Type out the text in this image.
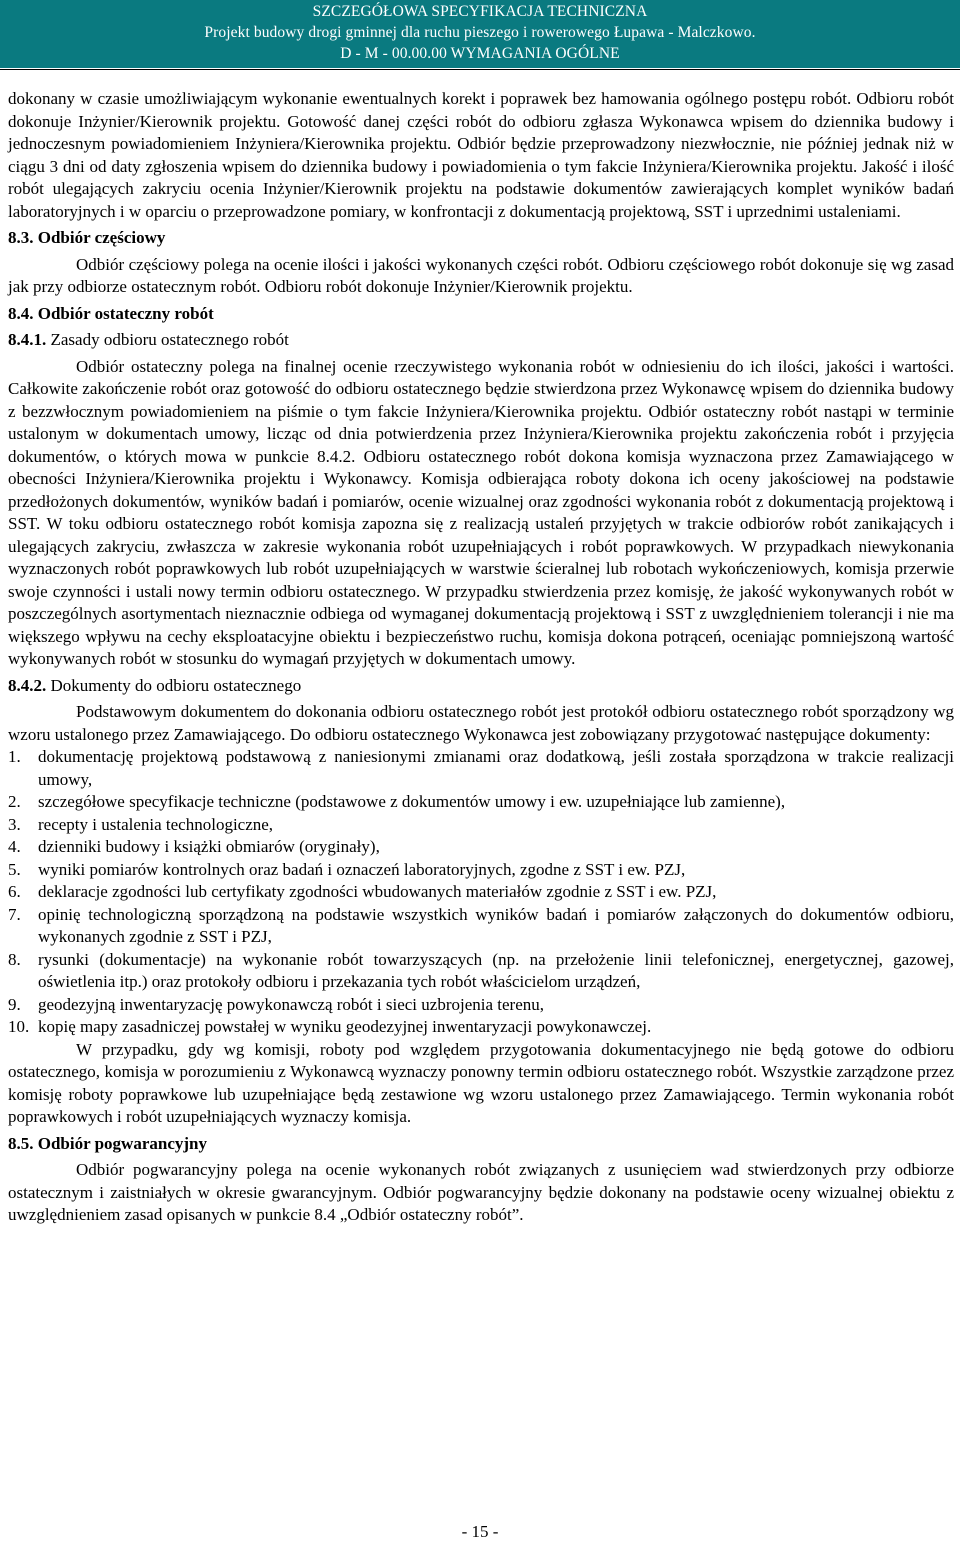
SZCZEGÓŁOWA SPECYFIKACJA TECHNICZNA
Projekt budowy drogi gminnej dla ruchu pieszego i rowerowego Łupawa - Malczkowo.
D - M - 00.00.00 WYMAGANIA OGÓLNE

dokonany w czasie umożliwiającym wykonanie ewentualnych korekt i poprawek bez hamowania ogólnego postępu robót. Odbioru robót dokonuje Inżynier/Kierownik projektu. Gotowość danej części robót do odbioru zgłasza Wykonawca wpisem do dziennika budowy i jednoczesnym powiadomieniem Inżyniera/Kierownika projektu. Odbiór będzie przeprowadzony niezwłocznie, nie później jednak niż w ciągu 3 dni od daty zgłoszenia wpisem do dziennika budowy i powiadomienia o tym fakcie Inżyniera/Kierownika projektu. Jakość i ilość robót ulegających zakryciu ocenia Inżynier/Kierownik projektu na podstawie dokumentów zawierających komplet wyników badań laboratoryjnych i w oparciu o przeprowadzone pomiary, w konfrontacji z dokumentacją projektową, SST i uprzednimi ustaleniami.

8.3. Odbiór częściowy

Odbiór częściowy polega na ocenie ilości i jakości wykonanych części robót. Odbioru częściowego robót dokonuje się wg zasad jak przy odbiorze ostatecznym robót. Odbioru robót dokonuje Inżynier/Kierownik projektu.

8.4. Odbiór ostateczny robót

8.4.1. Zasady odbioru ostatecznego robót

Odbiór ostateczny polega na finalnej ocenie rzeczywistego wykonania robót w odniesieniu do ich ilości, jakości i wartości. Całkowite zakończenie robót oraz gotowość do odbioru ostatecznego będzie stwierdzona przez Wykonawcę wpisem do dziennika budowy z bezzwłocznym powiadomieniem na piśmie o tym fakcie Inżyniera/Kierownika projektu. Odbiór ostateczny robót nastąpi w terminie ustalonym w dokumentach umowy, licząc od dnia potwierdzenia przez Inżyniera/Kierownika projektu zakończenia robót i przyjęcia dokumentów, o których mowa w punkcie 8.4.2. Odbioru ostatecznego robót dokona komisja wyznaczona przez Zamawiającego w obecności Inżyniera/Kierownika projektu i Wykonawcy. Komisja odbierająca roboty dokona ich oceny jakościowej na podstawie przedłożonych dokumentów, wyników badań i pomiarów, ocenie wizualnej oraz zgodności wykonania robót z dokumentacją projektową i SST. W toku odbioru ostatecznego robót komisja zapozna się z realizacją ustaleń przyjętych w trakcie odbiorów robót zanikających i ulegających zakryciu, zwłaszcza w zakresie wykonania robót uzupełniających i robót poprawkowych. W przypadkach niewykonania wyznaczonych robót poprawkowych lub robót uzupełniających w warstwie ścieralnej lub robotach wykończeniowych, komisja przerwie swoje czynności i ustali nowy termin odbioru ostatecznego. W przypadku stwierdzenia przez komisję, że jakość wykonywanych robót w poszczególnych asortymentach nieznacznie odbiega od wymaganej dokumentacją projektową i SST z uwzględnieniem tolerancji i nie ma większego wpływu na cechy eksploatacyjne obiektu i bezpieczeństwo ruchu, komisja dokona potrąceń, oceniając pomniejszoną wartość wykonywanych robót w stosunku do wymagań przyjętych w dokumentach umowy.

8.4.2. Dokumenty do odbioru ostatecznego

Podstawowym dokumentem do dokonania odbioru ostatecznego robót jest protokół odbioru ostatecznego robót sporządzony wg wzoru ustalonego przez Zamawiającego. Do odbioru ostatecznego Wykonawca jest zobowiązany przygotować następujące dokumenty:

1. dokumentację projektową podstawową z naniesionymi zmianami oraz dodatkową, jeśli została sporządzona w trakcie realizacji umowy,
2. szczegółowe specyfikacje techniczne (podstawowe z dokumentów umowy i ew. uzupełniające lub zamienne),
3. recepty i ustalenia technologiczne,
4. dzienniki budowy i książki obmiarów (oryginały),
5. wyniki pomiarów kontrolnych oraz badań i oznaczeń laboratoryjnych, zgodne z SST i ew. PZJ,
6. deklaracje zgodności lub certyfikaty zgodności wbudowanych materiałów zgodnie z SST i ew. PZJ,
7. opinię technologiczną sporządzoną na podstawie wszystkich wyników badań i pomiarów załączonych do dokumentów odbioru, wykonanych zgodnie z SST i PZJ,
8. rysunki (dokumentacje) na wykonanie robót towarzyszących (np. na przełożenie linii telefonicznej, energetycznej, gazowej, oświetlenia itp.) oraz protokoły odbioru i przekazania tych robót właścicielom urządzeń,
9. geodezyjną inwentaryzację powykonawczą robót i sieci uzbrojenia terenu,
10. kopię mapy zasadniczej powstałej w wyniku geodezyjnej inwentaryzacji powykonawczej.

W przypadku, gdy wg komisji, roboty pod względem przygotowania dokumentacyjnego nie będą gotowe do odbioru ostatecznego, komisja w porozumieniu z Wykonawcą wyznaczy ponowny termin odbioru ostatecznego robót. Wszystkie zarządzone przez komisję roboty poprawkowe lub uzupełniające będą zestawione wg wzoru ustalonego przez Zamawiającego. Termin wykonania robót poprawkowych i robót uzupełniających wyznaczy komisja.

8.5. Odbiór pogwarancyjny

Odbiór pogwarancyjny polega na ocenie wykonanych robót związanych z usunięciem wad stwierdzonych przy odbiorze ostatecznym i zaistniałych w okresie gwarancyjnym. Odbiór pogwarancyjny będzie dokonany na podstawie oceny wizualnej obiektu z uwzględnieniem zasad opisanych w punkcie 8.4 „Odbiór ostateczny robót”.

- 15 -
